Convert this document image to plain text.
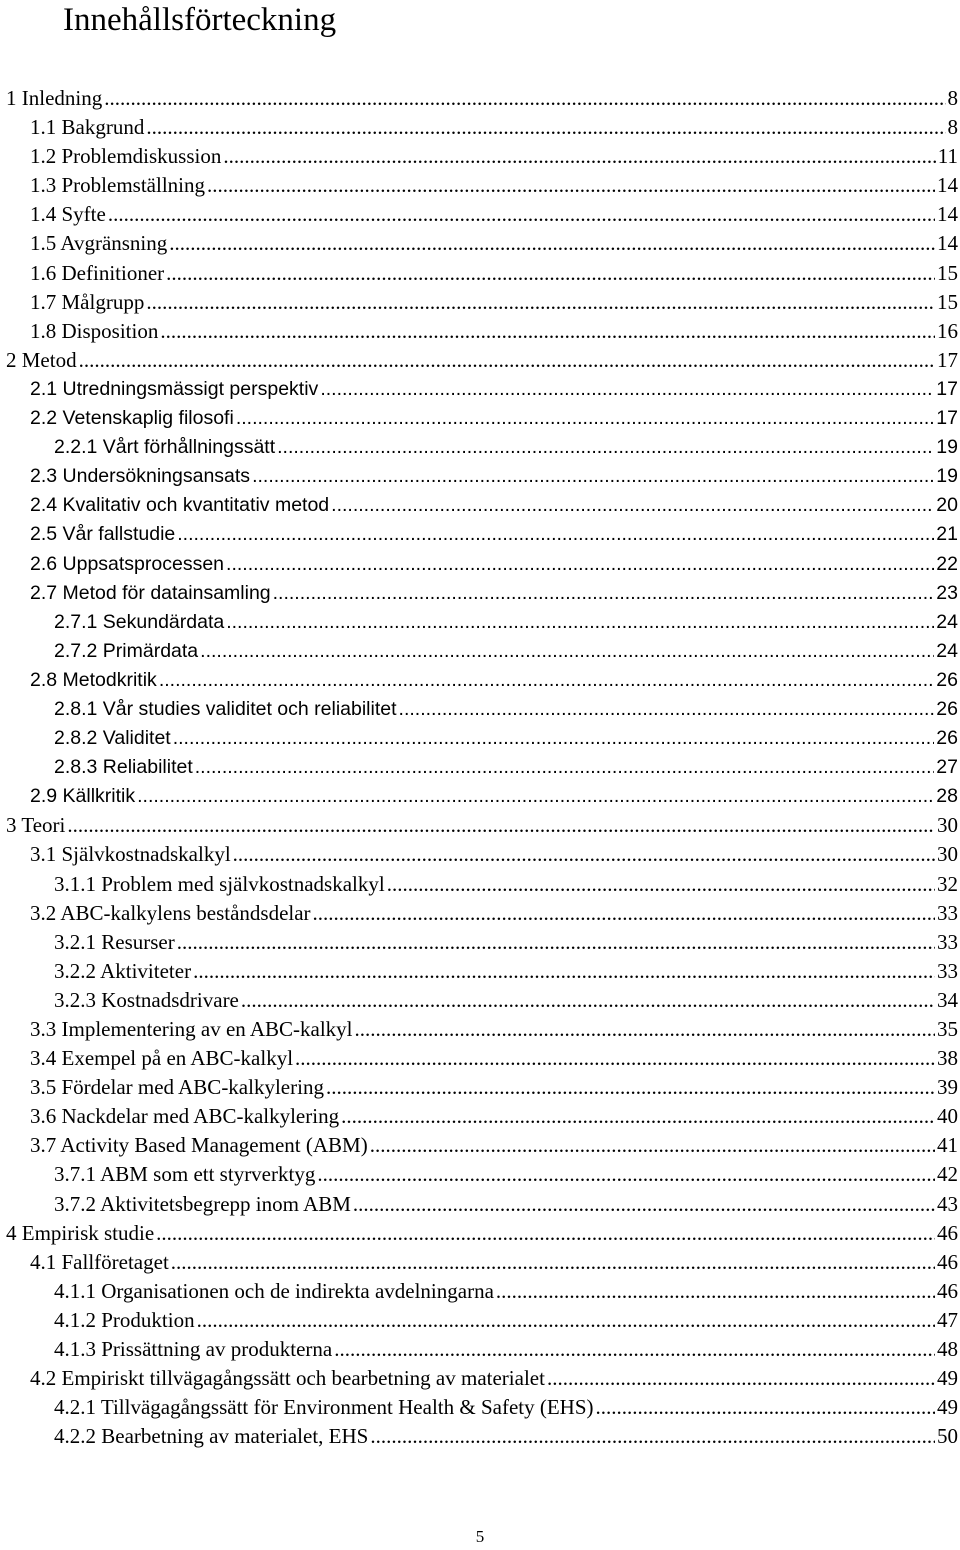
Innehållsförteckning
1 Inledning .....	8
1.1 Bakgrund .....	8
1.2 Problemdiskussion .....	11
1.3 Problemställning .....	14
1.4 Syfte .....	14
1.5 Avgränsning .....	14
1.6 Definitioner .....	15
1.7 Målgrupp .....	15
1.8 Disposition .....	16
2 Metod .....	17
2.1 Utredningsmässigt perspektiv .....	17
2.2 Vetenskaplig filosofi .....	17
2.2.1 Vårt förhållningssätt .....	19
2.3 Undersökningsansats .....	19
2.4 Kvalitativ och kvantitativ metod .....	20
2.5 Vår fallstudie .....	21
2.6 Uppsatsprocessen .....	22
2.7 Metod för datainsamling .....	23
2.7.1 Sekundärdata .....	24
2.7.2 Primärdata .....	24
2.8 Metodkritik .....	26
2.8.1 Vår studies validitet och reliabilitet .....	26
2.8.2 Validitet .....	26
2.8.3 Reliabilitet .....	27
2.9 Källkritik .....	28
3 Teori .....	30
3.1 Självkostnadskalkyl .....	30
3.1.1 Problem med självkostnadskalkyl .....	32
3.2 ABC-kalkylens beståndsdelar .....	33
3.2.1 Resurser .....	33
3.2.2 Aktiviteter .....	33
3.2.3 Kostnadsdrivare .....	34
3.3 Implementering av en ABC-kalkyl .....	35
3.4 Exempel på en ABC-kalkyl .....	38
3.5 Fördelar med ABC-kalkylering .....	39
3.6 Nackdelar med ABC-kalkylering .....	40
3.7 Activity Based Management (ABM) .....	41
3.7.1 ABM som ett styrverktyg .....	42
3.7.2 Aktivitetsbegrepp inom ABM .....	43
4 Empirisk studie .....	46
4.1 Fallföretaget .....	46
4.1.1 Organisationen och de indirekta avdelningarna .....	46
4.1.2 Produktion .....	47
4.1.3 Prissättning av produkterna .....	48
4.2 Empiriskt tillvägagångssätt och bearbetning av materialet .....	49
4.2.1 Tillvägagångssätt för Environment Health & Safety (EHS) .....	49
4.2.2 Bearbetning av materialet, EHS .....	50
5
